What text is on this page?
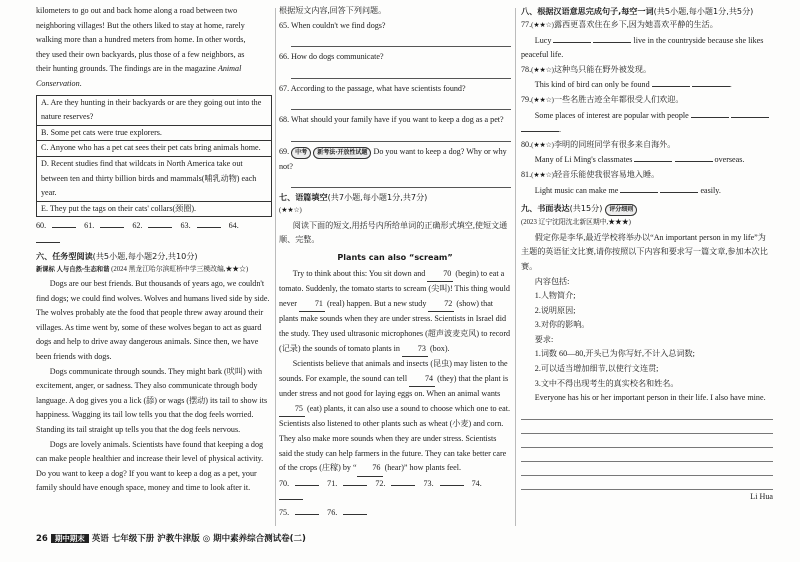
kilometers to go out and back home along a road between two

neighboring villages! But the others liked to stay at home, rarely

walking more than a hundred meters from home. In other words,

they used their own backyards, plus those of a few neighbors, as

their hunting grounds. The findings are in the magazine Animal

Conservation.

A. Are they hunting in their backyards or are they going out into the nature reserves?
B. Some pet cats were true explorers.
C. Anyone who has a pet cat sees their pet cats bring animals home.
D. Recent studies find that wildcats in North America take out between ten and thirty billion birds and mammals(哺乳动物) each year.
E. They put the tags on their cats' collars(颈圈).

60.	61.	62.	63.	64.

六、任务型阅读(共5小题,每小题2分,共10分)

新课标 人与自然·生态和谐 (2024 黑龙江哈尔滨虹桥中学三模改编,★★☆)

Dogs are our best friends. But thousands of years ago, we couldn't find dogs; we could find wolves. Wolves and humans lived side by side. The wolves probably ate the food that people threw away around their villages. As time went by, some of these wolves began to act as guard dogs and help to drive away dangerous animals. Since then, we have been friends with dogs.

Dogs communicate through sounds. They might bark (吠叫) with excitement, anger, or sadness. They also communicate through body language. A dog gives you a lick (舔) or wags (摆动) its tail to show its happiness. Wagging its tail low tells you that the dog feels worried. Standing its tail straight up tells you that the dog feels nervous.

Dogs are lovely animals. Scientists have found that keeping a dog can make people healthier and increase their level of physical activity. Do you want to keep a dog? If you want to keep a dog as a pet, your family should have enough space, money and time to look after it.

根据短文内容,回答下列问题。

65. When couldn't we find dogs?

66. How do dogs communicate?

67. According to the passage, what have scientists found?

68. What should your family have if you want to keep a dog as a pet?

69. 中考 新考法·开放性试题 Do you want to keep a dog? Why or why not?

七、语篇填空(共7小题,每小题1分,共7分)

(★★☆)

阅读下面的短文,用括号内所给单词的正确形式填空,使短文通顺、完整。

Plants can also “scream”

Try to think about this: You sit down and 70 (begin) to eat a tomato. Suddenly, the tomato starts to scream (尖叫)! This thing would never 71 (real) happen. But a new study 72 (show) that plants make sounds when they are under stress. Scientists in Israel did the study. They used ultrasonic microphones (超声波麦克风) to record (记录) the sounds of tomato plants in 73 (box).

Scientists believe that animals and insects (昆虫) may listen to the sounds. For example, the sound can tell 74 (they) that the plant is under stress and not good for laying eggs on. When an animal wants 75 (eat) plants, it can also use a sound to choose which one to eat. Scientists also listened to other plants such as wheat (小麦) and corn. They also make more sounds when they are under stress. Scientists said the study can help farmers in the future. They can take better care of the crops (庄稼) by “ 76 (hear)” how plants feel.

70.	71.	72.	73.	74.

75.	76.

八、根据汉语意思完成句子,每空一词(共5小题,每小题1分,共5分)

77.(★★☆)露西更喜欢住在乡下,因为她喜欢平静的生活。

Lucy	live in the countryside because she likes peaceful life.

78.(★★☆)这种鸟只能在野外被发现。

This kind of bird can only be found	.

79.(★★☆)一些名胜古迹全年都很受人们欢迎。

Some places of interest are popular with people   .

80.(★★☆)李明的同班同学有很多来自海外。

Many of Li Ming's classmates	overseas.

81.(★★☆)轻音乐能使我很容易地入睡。

Light music can make me	easily.

九、书面表达(共15分) 评分细则

(2023 辽宁沈阳沈北新区期中,★★★)

假定你是李华,最近学校将举办以“An important person in my life”为主题的英语征文比赛,请你按照以下内容和要求写一篇文章,参加本次比赛。

内容包括:

1.人物简介;

2.说明原因;

3.对你的影响。

要求:

1.词数 60—80,开头已为你写好,不计入总词数;

2.可以适当增加细节,以使行文连贯;

3.文中不得出现考生的真实校名和姓名。

Everyone has his or her important person in their life. I also have mine.

Li Hua

26 期中期末 英语 七年级下册 沪教牛津版 ◎ 期中素养综合测试卷(二)
